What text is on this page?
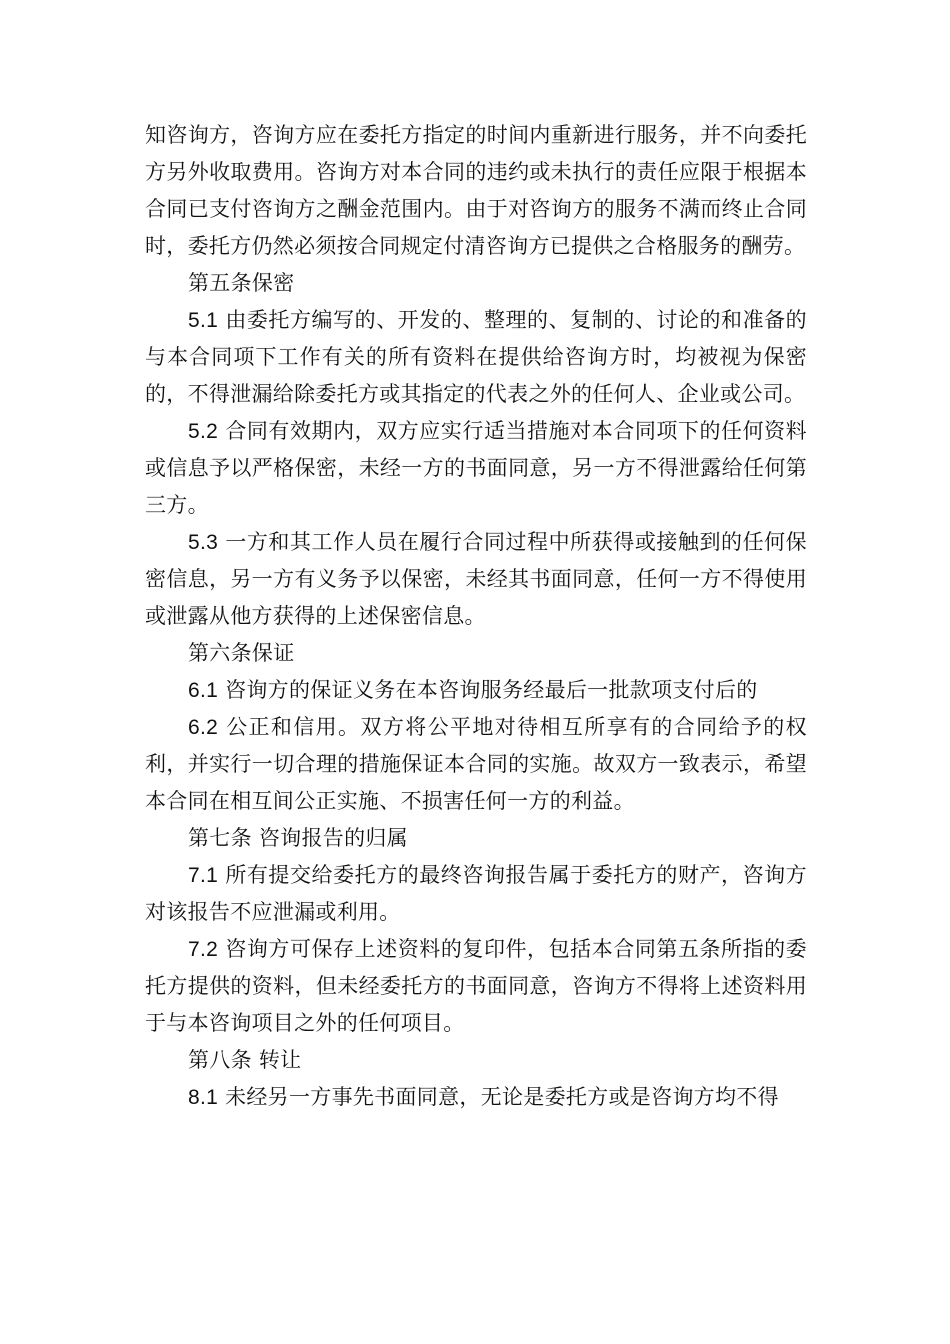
知咨询方，咨询方应在委托方指定的时间内重新进行服务，并不向委托方另外收取费用。咨询方对本合同的违约或未执行的责任应限于根据本合同已支付咨询方之酬金范围内。由于对咨询方的服务不满而终止合同时，委托方仍然必须按合同规定付清咨询方已提供之合格服务的酬劳。

第五条保密

5.1 由委托方编写的、开发的、整理的、复制的、讨论的和准备的与本合同项下工作有关的所有资料在提供给咨询方时，均被视为保密的，不得泄漏给除委托方或其指定的代表之外的任何人、企业或公司。

5.2 合同有效期内，双方应实行适当措施对本合同项下的任何资料或信息予以严格保密，未经一方的书面同意，另一方不得泄露给任何第三方。

5.3 一方和其工作人员在履行合同过程中所获得或接触到的任何保密信息，另一方有义务予以保密，未经其书面同意，任何一方不得使用或泄露从他方获得的上述保密信息。

第六条保证

6.1 咨询方的保证义务在本咨询服务经最后一批款项支付后的

6.2 公正和信用。双方将公平地对待相互所享有的合同给予的权利，并实行一切合理的措施保证本合同的实施。故双方一致表示，希望本合同在相互间公正实施、不损害任何一方的利益。

第七条 咨询报告的归属

7.1 所有提交给委托方的最终咨询报告属于委托方的财产，咨询方对该报告不应泄漏或利用。

7.2 咨询方可保存上述资料的复印件，包括本合同第五条所指的委托方提供的资料，但未经委托方的书面同意，咨询方不得将上述资料用于与本咨询项目之外的任何项目。

第八条 转让

8.1 未经另一方事先书面同意，无论是委托方或是咨询方均不得
